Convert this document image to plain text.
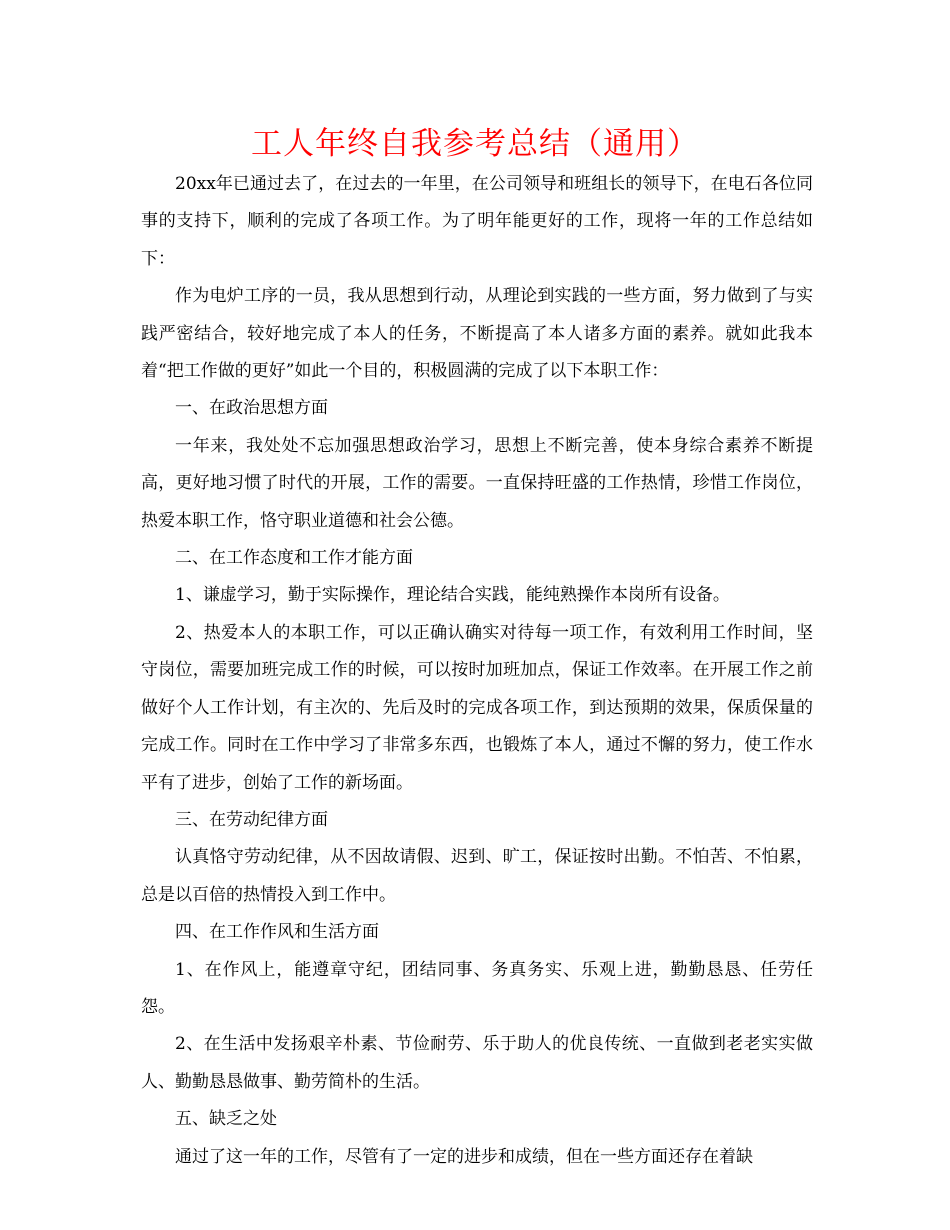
工人年终自我参考总结（通用）

20xx年已通过去了，在过去的一年里，在公司领导和班组长的领导下，在电石各位同事的支持下，顺利的完成了各项工作。为了明年能更好的工作，现将一年的工作总结如下：

作为电炉工序的一员，我从思想到行动，从理论到实践的一些方面，努力做到了与实践严密结合，较好地完成了本人的任务，不断提高了本人诸多方面的素养。就如此我本着“把工作做的更好”如此一个目的，积极圆满的完成了以下本职工作：

一、在政治思想方面

一年来，我处处不忘加强思想政治学习，思想上不断完善，使本身综合素养不断提高，更好地习惯了时代的开展，工作的需要。一直保持旺盛的工作热情，珍惜工作岗位，热爱本职工作，恪守职业道德和社会公德。

二、在工作态度和工作才能方面

1、谦虚学习，勤于实际操作，理论结合实践，能纯熟操作本岗所有设备。

2、热爱本人的本职工作，可以正确认确实对待每一项工作，有效利用工作时间，坚守岗位，需要加班完成工作的时候，可以按时加班加点，保证工作效率。在开展工作之前做好个人工作计划，有主次的、先后及时的完成各项工作，到达预期的效果，保质保量的完成工作。同时在工作中学习了非常多东西，也锻炼了本人，通过不懈的努力，使工作水平有了进步，创始了工作的新场面。

三、在劳动纪律方面

认真恪守劳动纪律，从不因故请假、迟到、旷工，保证按时出勤。不怕苦、不怕累，总是以百倍的热情投入到工作中。

四、在工作作风和生活方面

1、在作风上，能遵章守纪，团结同事、务真务实、乐观上进，勤勤恳恳、任劳任怨。

2、在生活中发扬艰辛朴素、节俭耐劳、乐于助人的优良传统、一直做到老老实实做人、勤勤恳恳做事、勤劳简朴的生活。

五、缺乏之处

通过了这一年的工作，尽管有了一定的进步和成绩，但在一些方面还存在着缺
